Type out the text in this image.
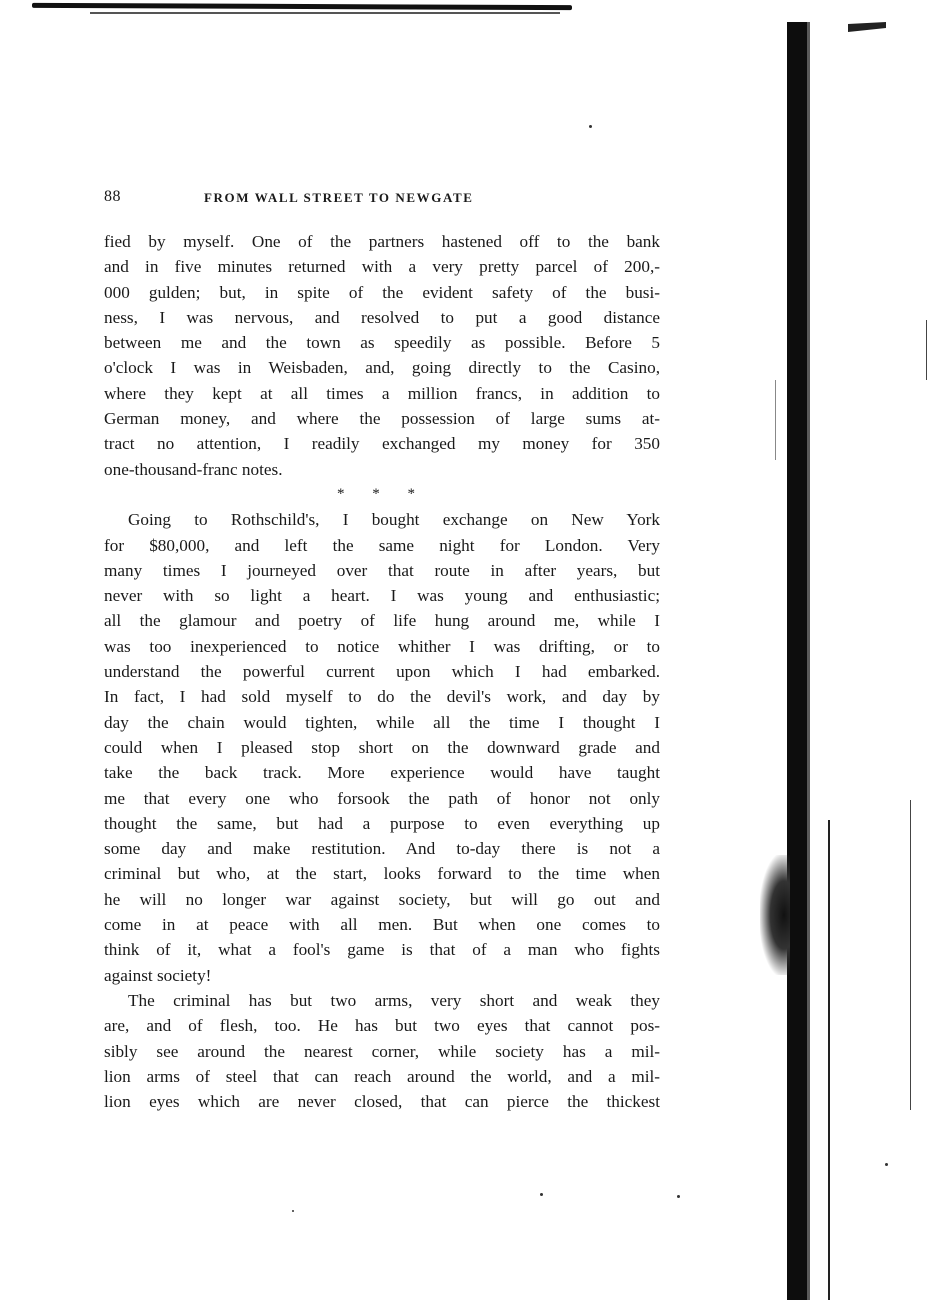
88	FROM WALL STREET TO NEWGATE
fied by myself. One of the partners hastened off to the bank
and in five minutes returned with a very pretty parcel of 200,-
000 gulden; but, in spite of the evident safety of the busi-
ness, I was nervous, and resolved to put a good distance
between me and the town as speedily as possible. Before 5
o'clock I was in Weisbaden, and, going directly to the Casino,
where they kept at all times a million francs, in addition to
German money, and where the possession of large sums at-
tract no attention, I readily exchanged my money for 350
one-thousand-franc notes.
* * *
Going to Rothschild's, I bought exchange on New York
for $80,000, and left the same night for London. Very
many times I journeyed over that route in after years, but
never with so light a heart. I was young and enthusiastic;
all the glamour and poetry of life hung around me, while I
was too inexperienced to notice whither I was drifting, or to
understand the powerful current upon which I had embarked.
In fact, I had sold myself to do the devil's work, and day by
day the chain would tighten, while all the time I thought I
could when I pleased stop short on the downward grade and
take the back track. More experience would have taught
me that every one who forsook the path of honor not only
thought the same, but had a purpose to even everything up
some day and make restitution. And to-day there is not a
criminal but who, at the start, looks forward to the time when
he will no longer war against society, but will go out and
come in at peace with all men. But when one comes to
think of it, what a fool's game is that of a man who fights
against society!
The criminal has but two arms, very short and weak they
are, and of flesh, too. He has but two eyes that cannot pos-
sibly see around the nearest corner, while society has a mil-
lion arms of steel that can reach around the world, and a mil-
lion eyes which are never closed, that can pierce the thickest
